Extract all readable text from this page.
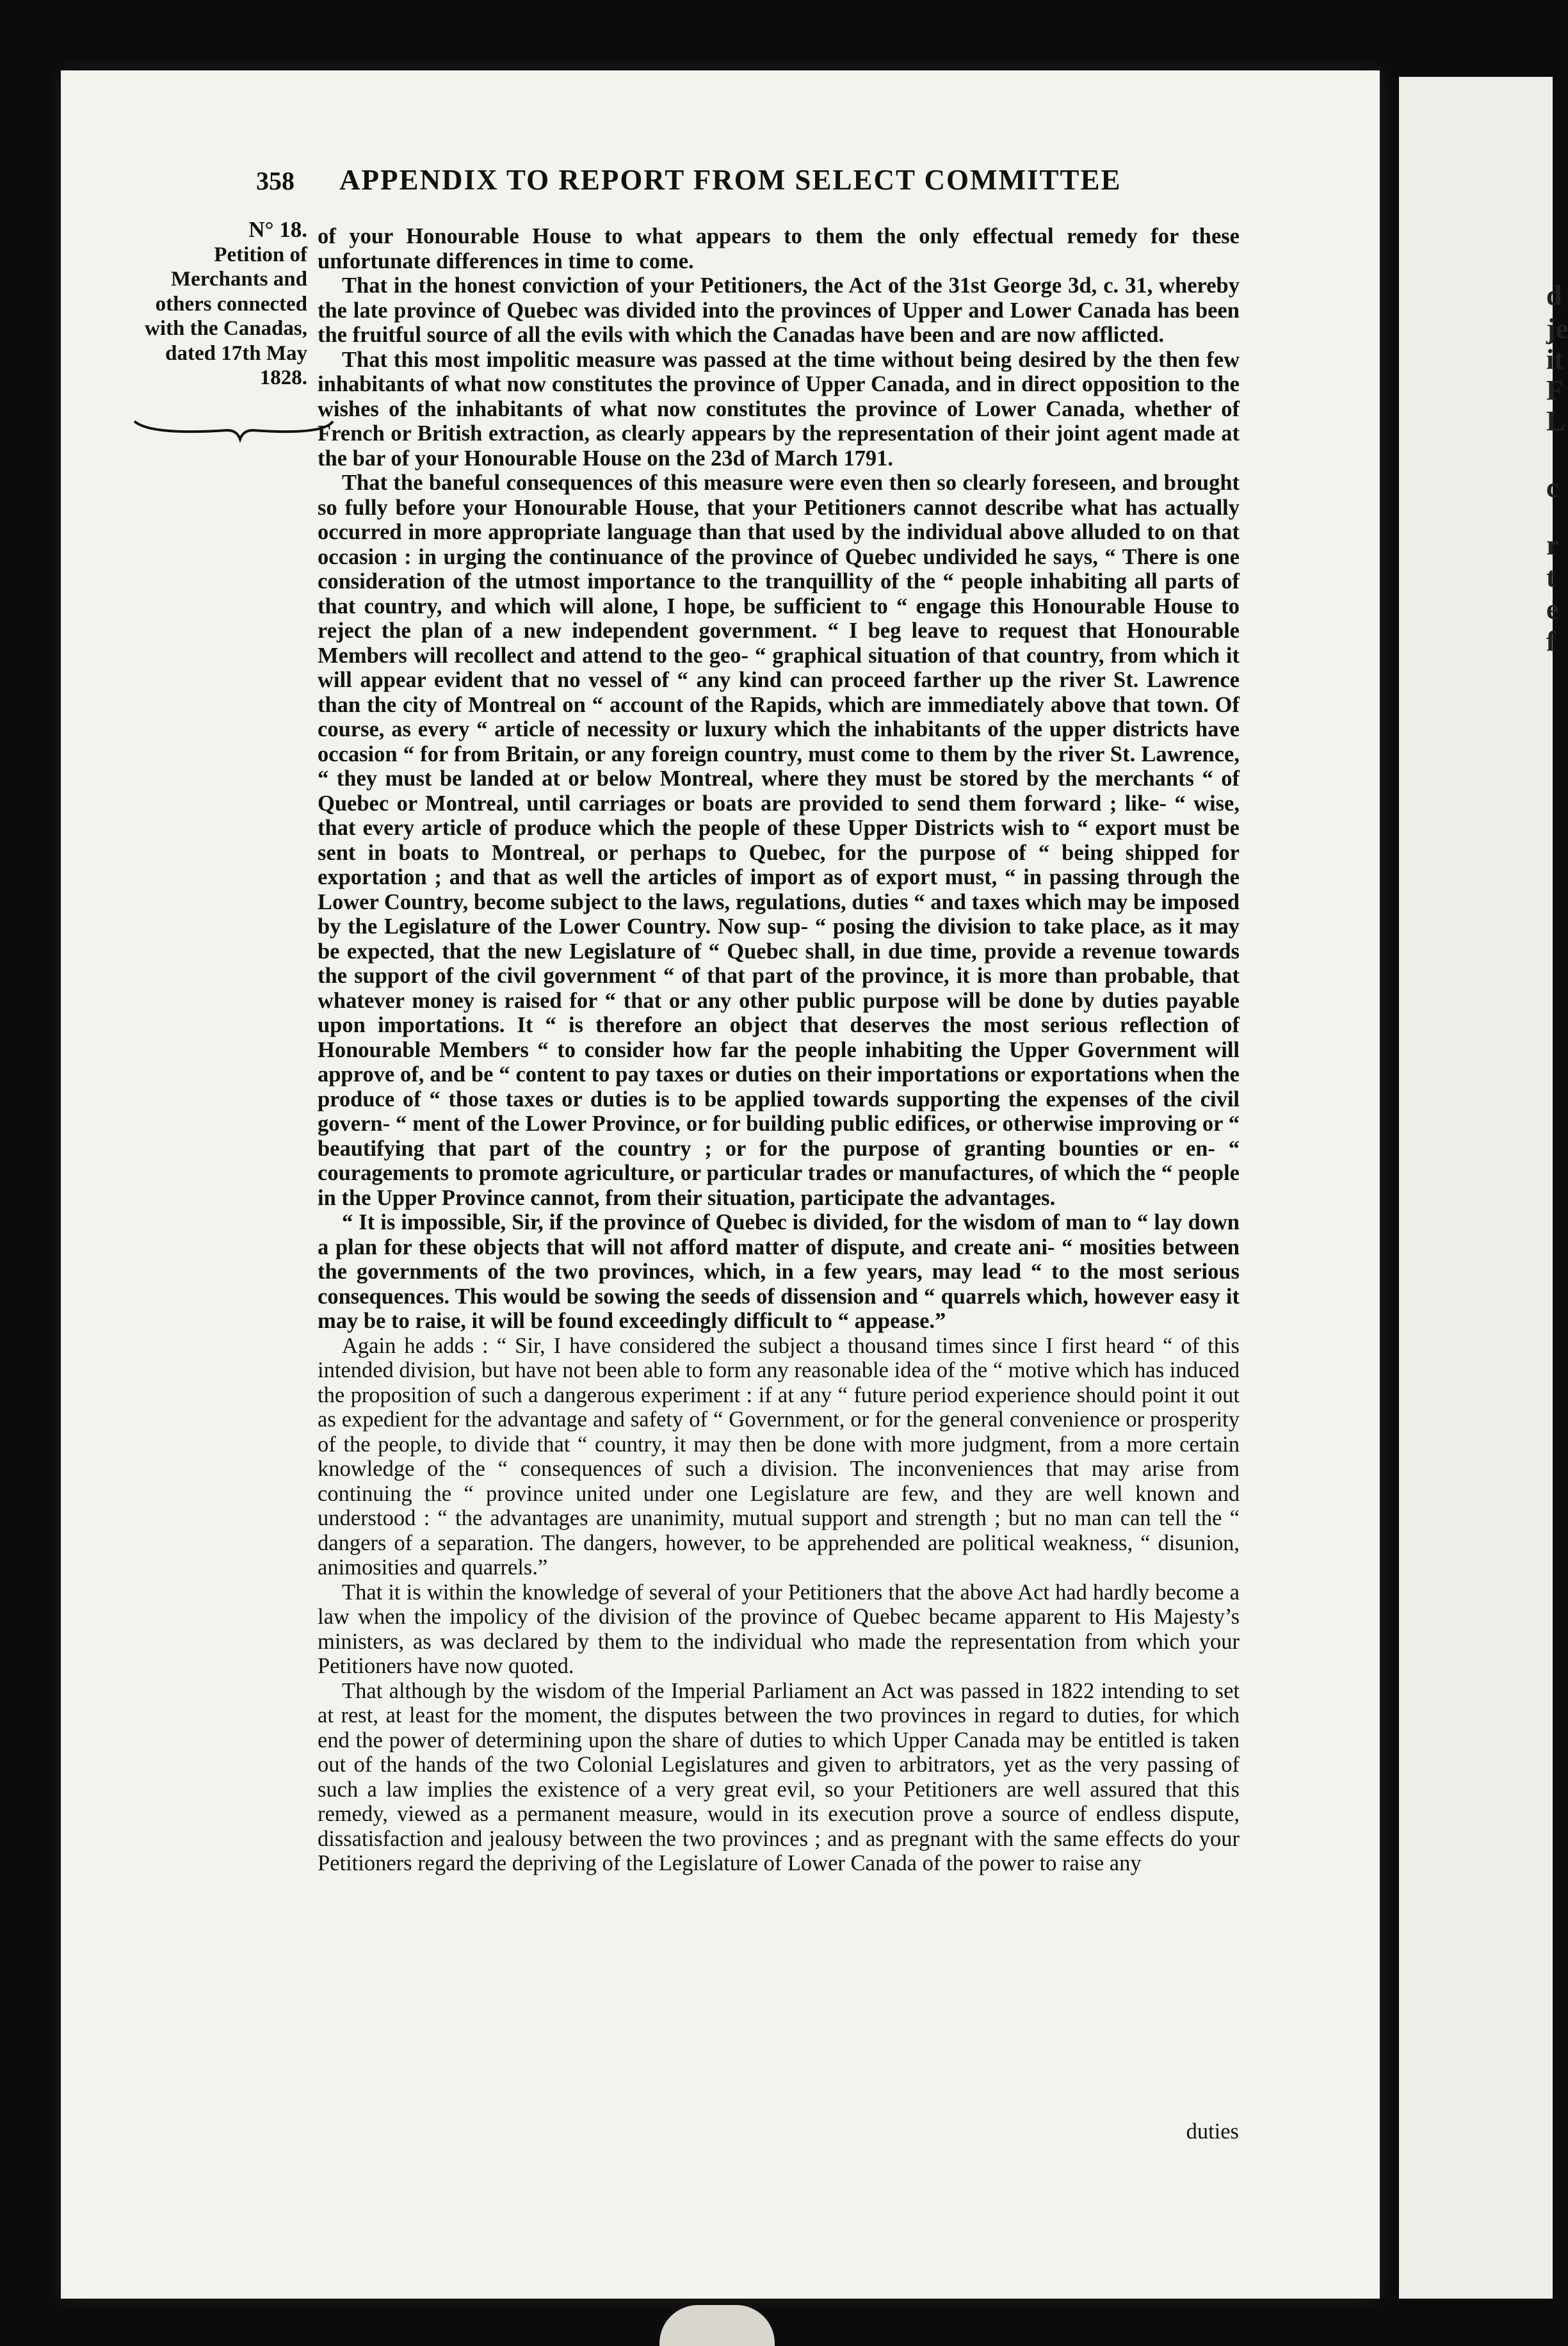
d
je
it
F
L
c
r
t
e
f
358 APPENDIX TO REPORT FROM SELECT COMMITTEE
N° 18.
Petition of Merchants and others connected with the Canadas, dated 17th May 1828.

of your Honourable House to what appears to them the only effectual remedy for these unfortunate differences in time to come.

That in the honest conviction of your Petitioners, the Act of the 31st George 3d, c. 31, whereby the late province of Quebec was divided into the provinces of Upper and Lower Canada has been the fruitful source of all the evils with which the Canadas have been and are now afflicted.

That this most impolitic measure was passed at the time without being desired by the then few inhabitants of what now constitutes the province of Upper Canada, and in direct opposition to the wishes of the inhabitants of what now constitutes the province of Lower Canada, whether of French or British extraction, as clearly appears by the representation of their joint agent made at the bar of your Honourable House on the 23d of March 1791.

That the baneful consequences of this measure were even then so clearly foreseen, and brought so fully before your Honourable House, that your Petitioners cannot describe what has actually occurred in more appropriate language than that used by the individual above alluded to on that occasion : in urging the continuance of the province of Quebec undivided he says, “ There is one consideration of the utmost importance to the tranquillity of the “ people inhabiting all parts of that country, and which will alone, I hope, be sufficient to “ engage this Honourable House to reject the plan of a new independent government. “ I beg leave to request that Honourable Members will recollect and attend to the geo- “ graphical situation of that country, from which it will appear evident that no vessel of “ any kind can proceed farther up the river St. Lawrence than the city of Montreal on “ account of the Rapids, which are immediately above that town. Of course, as every “ article of necessity or luxury which the inhabitants of the upper districts have occasion “ for from Britain, or any foreign country, must come to them by the river St. Lawrence, “ they must be landed at or below Montreal, where they must be stored by the merchants “ of Quebec or Montreal, until carriages or boats are provided to send them forward ; like- “ wise, that every article of produce which the people of these Upper Districts wish to “ export must be sent in boats to Montreal, or perhaps to Quebec, for the purpose of “ being shipped for exportation ; and that as well the articles of import as of export must, “ in passing through the Lower Country, become subject to the laws, regulations, duties “ and taxes which may be imposed by the Legislature of the Lower Country. Now sup- “ posing the division to take place, as it may be expected, that the new Legislature of “ Quebec shall, in due time, provide a revenue towards the support of the civil government “ of that part of the province, it is more than probable, that whatever money is raised for “ that or any other public purpose will be done by duties payable upon importations. It “ is therefore an object that deserves the most serious reflection of Honourable Members “ to consider how far the people inhabiting the Upper Government will approve of, and be “ content to pay taxes or duties on their importations or exportations when the produce of “ those taxes or duties is to be applied towards supporting the expenses of the civil govern- “ ment of the Lower Province, or for building public edifices, or otherwise improving or “ beautifying that part of the country ; or for the purpose of granting bounties or en- “ couragements to promote agriculture, or particular trades or manufactures, of which the “ people in the Upper Province cannot, from their situation, participate the advantages.

“ It is impossible, Sir, if the province of Quebec is divided, for the wisdom of man to “ lay down a plan for these objects that will not afford matter of dispute, and create ani- “ mosities between the governments of the two provinces, which, in a few years, may lead “ to the most serious consequences. This would be sowing the seeds of dissension and “ quarrels which, however easy it may be to raise, it will be found exceedingly difficult to “ appease.”

Again he adds : “ Sir, I have considered the subject a thousand times since I first heard “ of this intended division, but have not been able to form any reasonable idea of the “ motive which has induced the proposition of such a dangerous experiment : if at any “ future period experience should point it out as expedient for the advantage and safety of “ Government, or for the general convenience or prosperity of the people, to divide that “ country, it may then be done with more judgment, from a more certain knowledge of the “ consequences of such a division. The inconveniences that may arise from continuing the “ province united under one Legislature are few, and they are well known and understood : “ the advantages are unanimity, mutual support and strength ; but no man can tell the “ dangers of a separation. The dangers, however, to be apprehended are political weakness, “ disunion, animosities and quarrels.”

That it is within the knowledge of several of your Petitioners that the above Act had hardly become a law when the impolicy of the division of the province of Quebec became apparent to His Majesty’s ministers, as was declared by them to the individual who made the representation from which your Petitioners have now quoted.

That although by the wisdom of the Imperial Parliament an Act was passed in 1822 intending to set at rest, at least for the moment, the disputes between the two provinces in regard to duties, for which end the power of determining upon the share of duties to which Upper Canada may be entitled is taken out of the hands of the two Colonial Legislatures and given to arbitrators, yet as the very passing of such a law implies the existence of a very great evil, so your Petitioners are well assured that this remedy, viewed as a permanent measure, would in its execution prove a source of endless dispute, dissatisfaction and jealousy between the two provinces ; and as pregnant with the same effects do your Petitioners regard the depriving of the Legislature of Lower Canada of the power to raise any

duties
